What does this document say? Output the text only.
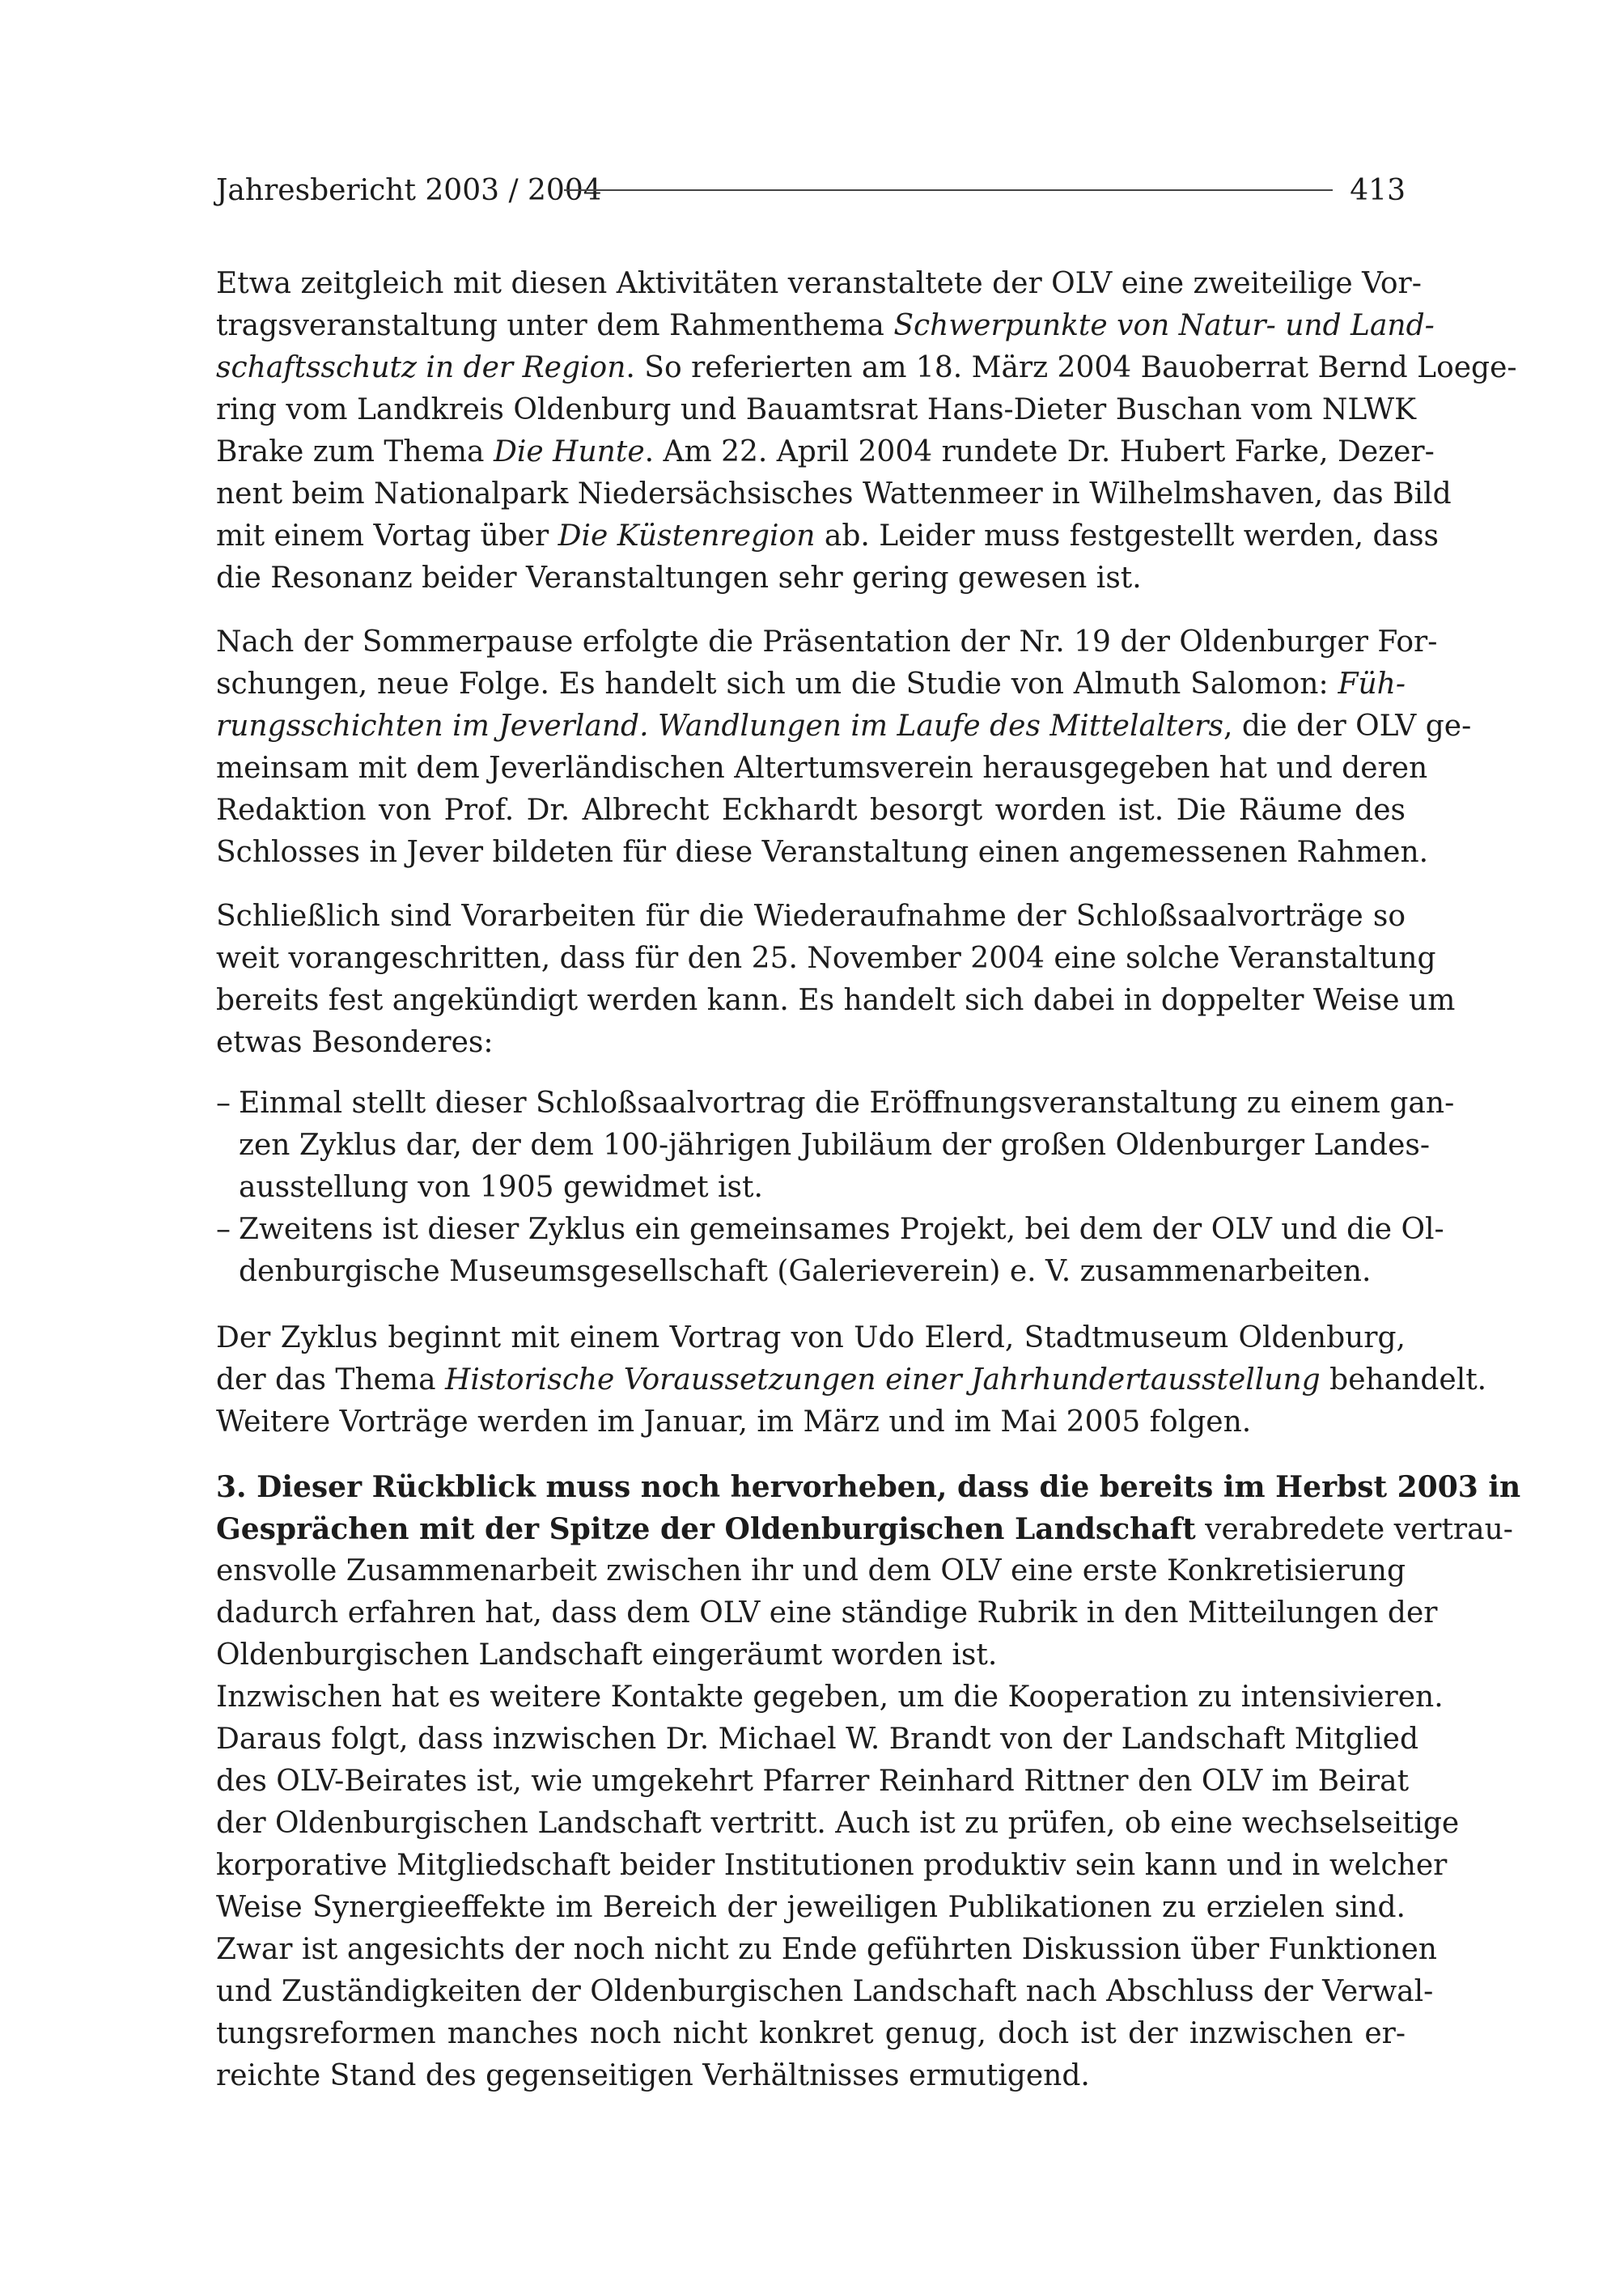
Jahresbericht 2003 / 2004	413
Etwa zeitgleich mit diesen Aktivitäten veranstaltete der OLV eine zweiteilige Vor-
tragsveranstaltung unter dem Rahmenthema Schwerpunkte von Natur- und Land-
schaftsschutz in der Region. So referierten am 18. März 2004 Bauoberrat Bernd Loege-
ring vom Landkreis Oldenburg und Bauamtsrat Hans-Dieter Buschan vom NLWK
Brake zum Thema Die Hunte. Am 22. April 2004 rundete Dr. Hubert Farke, Dezer-
nent beim Nationalpark Niedersächsisches Wattenmeer in Wilhelmshaven, das Bild
mit einem Vortag über Die Küstenregion ab. Leider muss festgestellt werden, dass
die Resonanz beider Veranstaltungen sehr gering gewesen ist.
Nach der Sommerpause erfolgte die Präsentation der Nr. 19 der Oldenburger For-
schungen, neue Folge. Es handelt sich um die Studie von Almuth Salomon: Füh-
rungsschichten im Jeverland. Wandlungen im Laufe des Mittelalters, die der OLV ge-
meinsam mit dem Jeverländischen Altertumsverein herausgegeben hat und deren
Redaktion von Prof. Dr. Albrecht Eckhardt besorgt worden ist. Die Räume des
Schlosses in Jever bildeten für diese Veranstaltung einen angemessenen Rahmen.
Schließlich sind Vorarbeiten für die Wiederaufnahme der Schloßsaalvorträge so
weit vorangeschritten, dass für den 25. November 2004 eine solche Veranstaltung
bereits fest angekündigt werden kann. Es handelt sich dabei in doppelter Weise um
etwas Besonderes:
– Einmal stellt dieser Schloßsaalvortrag die Eröffnungsveranstaltung zu einem gan-
zen Zyklus dar, der dem 100-jährigen Jubiläum der großen Oldenburger Landes-
ausstellung von 1905 gewidmet ist.
– Zweitens ist dieser Zyklus ein gemeinsames Projekt, bei dem der OLV und die Ol-
denburgische Museumsgesellschaft (Galerieverein) e. V. zusammenarbeiten.
Der Zyklus beginnt mit einem Vortrag von Udo Elerd, Stadtmuseum Oldenburg,
der das Thema Historische Voraussetzungen einer Jahrhundertausstellung behandelt.
Weitere Vorträge werden im Januar, im März und im Mai 2005 folgen.
3. Dieser Rückblick muss noch hervorheben, dass die bereits im Herbst 2003 in
Gesprächen mit der Spitze der Oldenburgischen Landschaft verabredete vertrau-
ensvolle Zusammenarbeit zwischen ihr und dem OLV eine erste Konkretisierung
dadurch erfahren hat, dass dem OLV eine ständige Rubrik in den Mitteilungen der
Oldenburgischen Landschaft eingeräumt worden ist.
Inzwischen hat es weitere Kontakte gegeben, um die Kooperation zu intensivieren.
Daraus folgt, dass inzwischen Dr. Michael W. Brandt von der Landschaft Mitglied
des OLV-Beirates ist, wie umgekehrt Pfarrer Reinhard Rittner den OLV im Beirat
der Oldenburgischen Landschaft vertritt. Auch ist zu prüfen, ob eine wechselseitige
korporative Mitgliedschaft beider Institutionen produktiv sein kann und in welcher
Weise Synergieeffekte im Bereich der jeweiligen Publikationen zu erzielen sind.
Zwar ist angesichts der noch nicht zu Ende geführten Diskussion über Funktionen
und Zuständigkeiten der Oldenburgischen Landschaft nach Abschluss der Verwal-
tungsreformen manches noch nicht konkret genug, doch ist der inzwischen er-
reichte Stand des gegenseitigen Verhältnisses ermutigend.
